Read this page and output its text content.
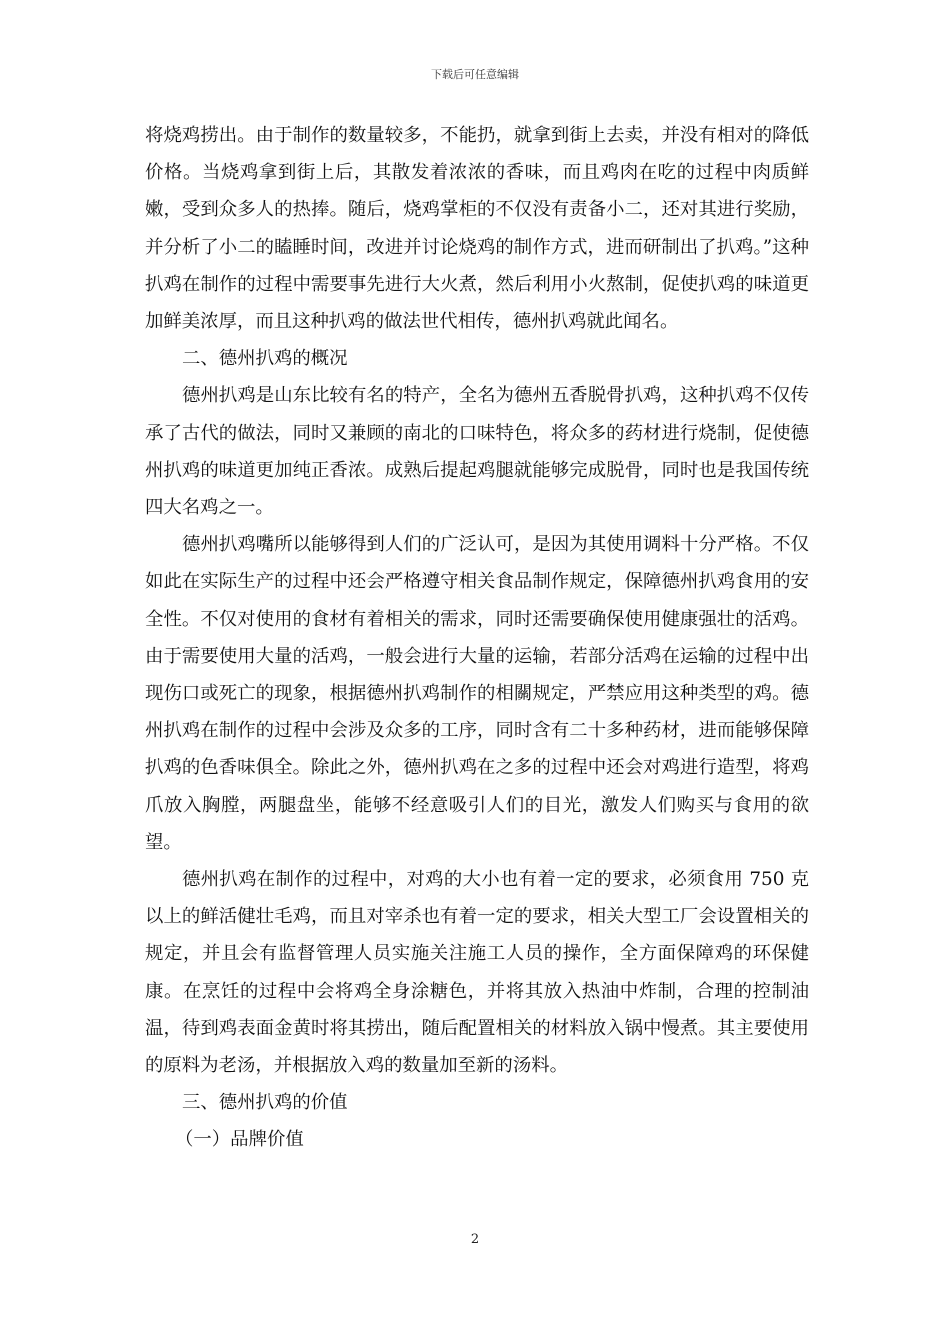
下载后可任意编辑

将烧鸡捞出。由于制作的数量较多，不能扔，就拿到街上去卖，并没有相对的降低价格。当烧鸡拿到街上后，其散发着浓浓的香味，而且鸡肉在吃的过程中肉质鲜嫩，受到众多人的热捧。随后，烧鸡掌柜的不仅没有责备小二，还对其进行奖励，并分析了小二的瞌睡时间，改进并讨论烧鸡的制作方式，进而研制出了扒鸡。”这种扒鸡在制作的过程中需要事先进行大火煮，然后利用小火熬制，促使扒鸡的味道更加鲜美浓厚，而且这种扒鸡的做法世代相传，德州扒鸡就此闻名。

二、德州扒鸡的概况

德州扒鸡是山东比较有名的特产，全名为德州五香脱骨扒鸡，这种扒鸡不仅传承了古代的做法，同时又兼顾的南北的口味特色，将众多的药材进行烧制，促使德州扒鸡的味道更加纯正香浓。成熟后提起鸡腿就能够完成脱骨，同时也是我国传统四大名鸡之一。

德州扒鸡嘴所以能够得到人们的广泛认可，是因为其使用调料十分严格。不仅如此在实际生产的过程中还会严格遵守相关食品制作规定，保障德州扒鸡食用的安全性。不仅对使用的食材有着相关的需求，同时还需要确保使用健康强壮的活鸡。由于需要使用大量的活鸡，一般会进行大量的运输，若部分活鸡在运输的过程中出现伤口或死亡的现象，根据德州扒鸡制作的相關规定，严禁应用这种类型的鸡。德州扒鸡在制作的过程中会涉及众多的工序，同时含有二十多种药材，进而能够保障扒鸡的色香味俱全。除此之外，德州扒鸡在之多的过程中还会对鸡进行造型，将鸡爪放入胸膛，两腿盘坐，能够不经意吸引人们的目光，激发人们购买与食用的欲望。

德州扒鸡在制作的过程中，对鸡的大小也有着一定的要求，必须食用 750 克以上的鲜活健壮毛鸡，而且对宰杀也有着一定的要求，相关大型工厂会设置相关的规定，并且会有监督管理人员实施关注施工人员的操作，全方面保障鸡的环保健康。在烹饪的过程中会将鸡全身涂糖色，并将其放入热油中炸制，合理的控制油温，待到鸡表面金黄时将其捞出，随后配置相关的材料放入锅中慢煮。其主要使用的原料为老汤，并根据放入鸡的数量加至新的汤料。

三、德州扒鸡的价值

（一）品牌价值

2
